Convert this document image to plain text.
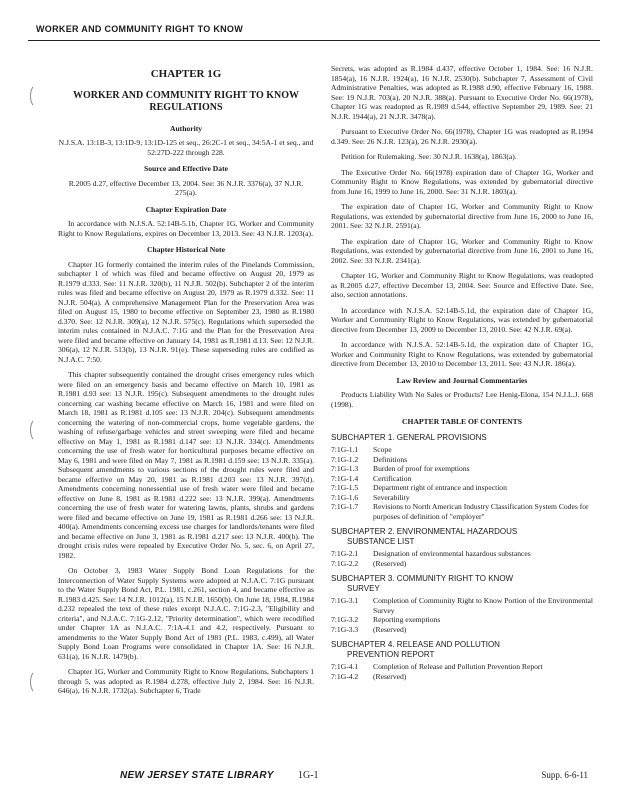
WORKER AND COMMUNITY RIGHT TO KNOW
CHAPTER 1G
WORKER AND COMMUNITY RIGHT TO KNOW REGULATIONS
Authority
N.J.S.A. 13:1B-3, 13:1D-9, 13:1D-125 et seq., 26:2C-1 et seq., 34:5A-1 et seq., and 52:27D-222 through 228.
Source and Effective Date
R.2005 d.27, effective December 13, 2004. See: 36 N.J.R. 3376(a), 37 N.J.R. 275(a).
Chapter Expiration Date

In accordance with N.J.S.A. 52:14B-5.1b, Chapter 1G, Worker and Community Right to Know Regulations, expires on December 13, 2013. See: 43 N.J.R. 1203(a).

Chapter Historical Note

Chapter 1G formerly contained the interim rules of the Pinelands Commission, subchapter 1 of which was filed and became effective on August 20, 1979 as R.1979 d.333. See: 11 N.J.R. 320(b), 11 N.J.R. 502(b). Subchapter 2 of the interim rules was filed and became effective on August 20, 1979 as R.1979 d.332. See: 11 N.J.R. 504(a). A comprehensive Management Plan for the Preservation Area was filed on August 15, 1980 to become effective on September 23, 1980 as R.1980 d.370. See: 12 N.J.R. 309(a), 12 N.J.R. 575(c). Regulations which superseded the interim rules contained in N.J.A.C. 7:1G and the Plan for the Preservation Area were filed and became effective on January 14, 1981 as R.1981 d.13. See: 12 N.J.R. 306(a), 12 N.J.R. 513(b), 13 N.J.R. 91(e). These superseding rules are codified as N.J.A.C. 7:50.

This chapter subsequently contained the drought crises emergency rules which were filed on an emergency basis and became effective on March 10, 1981 as R.1981 d.93 see: 13 N.J.R. 195(c). Subsequent amendments to the drought rules concerning car washing became effective on March 16, 1981 and were filed on March 18, 1981 as R.1981 d.105 see: 13 N.J.R. 204(c). Subsequent amendments concerning the watering of non-commercial crops, home vegetable gardens, the washing of refuse/garbage vehicles and street sweeping were filed and became effective on May 1, 1981 as R.1981 d.147 see: 13 N.J.R. 334(c). Amendments concerning the use of fresh water for horticultural purposes became effective on May 6, 1981 and were filed on May 7, 1981 as R.1981 d.159 see: 13 N.J.R. 335(a). Subsequent amendments to various sections of the drought rules were filed and became effective on May 20, 1981 as R.1981 d.203 see: 13 N.J.R. 397(d). Amendments concerning nonessential use of fresh water were filed and became effective on June 8, 1981 as R.1981 d.222 see: 13 N.J.R. 399(a). Amendments concerning the use of fresh water for watering lawns, plants, shrubs and gardens were filed and became effective on June 19, 1981 as R.1981 d.266 see: 13 N.J.R. 400(a). Amendments concerning excess use charges for landlords/tenants were filed and became effective on June 3, 1981 as R.1981 d.217 see: 13 N.J.R. 400(b). The drought crisis rules were repealed by Executive Order No. 5, sec. 6, on April 27, 1982.

On October 3, 1983 Water Supply Bond Loan Regulations for the Interconnection of Water Supply Systems were adopted at N.J.A.C. 7:1G pursuant to the Water Supply Bond Act, P.L. 1981, c.261, section 4, and became effective as R.1983 d.425. See: 14 N.J.R. 1012(a), 15 N.J.R. 1650(b). On June 18, 1984, R.1984 d.232 repealed the text of these rules except N.J.A.C. 7:1G-2.3, "Eligibility and criteria", and N.J.A.C. 7:1G-2.12, "Priority determination", which were recodified under Chapter 1A as N.J.A.C. 7:1A-4.1 and 4.2, respectively. Pursuant to amendments to the Water Supply Bond Act of 1981 (P.L. 1983, c.499), all Water Supply Bond Loan Programs were consolidated in Chapter 1A. See: 16 N.J.R. 631(a), 16 N.J.R. 1479(b).

Chapter 1G, Worker and Community Right to Know Regulations, Subchapters 1 through 5, was adopted as R.1984 d.278, effective July 2, 1984. See: 16 N.J.R. 646(a), 16 N.J.R. 1732(a). Subchapter 6, Trade

Secrets, was adopted as R.1984 d.437, effective October 1, 1984. See: 16 N.J.R. 1854(a), 16 N.J.R. 1924(a), 16 N.J.R. 2530(b). Subchapter 7, Assessment of Civil Administrative Penalties, was adopted as R.1988 d.90, effective February 16, 1988. See: 19 N.J.R. 703(a), 20 N.J.R. 388(a). Pursuant to Executive Order No. 66(1978), Chapter 1G was readopted as R.1989 d.544, effective September 29, 1989. See: 21 N.J.R. 1944(a), 21 N.J.R. 3478(a).

Pursuant to Executive Order No. 66(1978), Chapter 1G was readopted as R.1994 d.349. See: 26 N.J.R. 123(a), 26 N.J.R. 2930(a).

Petition for Rulemaking. See: 30 N.J.R. 1638(a), 1863(a).

The Executive Order No. 66(1978) expiration date of Chapter 1G, Worker and Community Right to Know Regulations, was extended by gubernatorial directive from June 16, 1999 to June 16, 2000. See: 31 N.J.R. 1803(a).

The expiration date of Chapter 1G, Worker and Community Right to Know Regulations, was extended by gubernatorial directive from June 16, 2000 to June 16, 2001. See: 32 N.J.R. 2591(a).

The expiration date of Chapter 1G, Worker and Community Right to Know Regulations, was extended by gubernatorial directive from June 16, 2001 to June 16, 2002. See: 33 N.J.R. 2341(a).

Chapter 1G, Worker and Community Right to Know Regulations, was readopted as R.2005 d.27, effective December 13, 2004. See: Source and Effective Date. See, also, section annotations.

In accordance with N.J.S.A. 52:14B-5.1d, the expiration date of Chapter 1G, Worker and Community Right to Know Regulations, was extended by gubernatorial directive from December 13, 2009 to December 13, 2010. See: 42 N.J.R. 69(a).

In accordance with N.J.S.A. 52:14B-5.1d, the expiration date of Chapter 1G, Worker and Community Right to Know Regulations, was extended by gubernatorial directive from December 13, 2010 to December 13, 2011. See: 43 N.J.R. 186(a).

Law Review and Journal Commentaries

Products Liability With No Sales or Products? Lee Henig-Elona, 154 N.J.L.J. 668 (1998).

CHAPTER TABLE OF CONTENTS
SUBCHAPTER 1. GENERAL PROVISIONS
7:1G-1.1	Scope
7:1G-1.2	Definitions
7:1G-1.3	Burden of proof for exemptions
7:1G-1.4	Certification
7:1G-1.5	Department right of entrance and inspection
7:1G-1.6	Severability
7:1G-1.7	Revisions to North American Industry Classification System Codes for purposes of definition of "employer"
SUBCHAPTER 2. ENVIRONMENTAL HAZARDOUS
SUBSTANCE LIST
7:1G-2.1	Designation of environmental hazardous substances
7:1G-2.2	(Reserved)
SUBCHAPTER 3. COMMUNITY RIGHT TO KNOW
SURVEY
7:1G-3.1	Completion of Community Right to Know Portion of the Environmental Survey
7:1G-3.2	Reporting exemptions
7:1G-3.3	(Reserved)
SUBCHAPTER 4. RELEASE AND POLLUTION
PREVENTION REPORT
7:1G-4.1	Completion of Release and Pollution Prevention Report
7:1G-4.2	(Reserved)
NEW JERSEY STATE LIBRARY 1G-1	Supp. 6-6-11
